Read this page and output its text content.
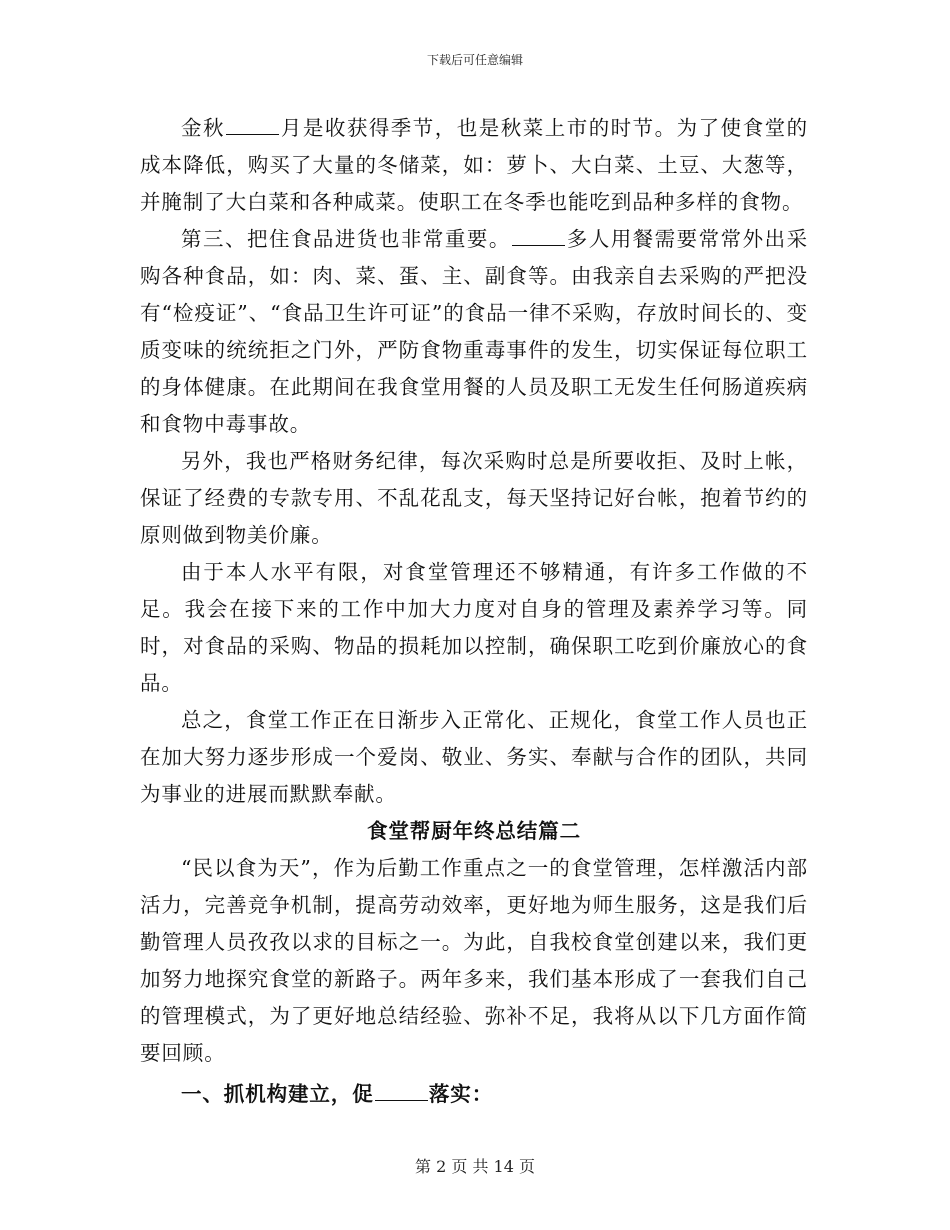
下载后可任意编辑

金秋	月是收获得季节，也是秋菜上市的时节。为了使食堂的成本降低，购买了大量的冬储菜，如：萝卜、大白菜、土豆、大葱等，并腌制了大白菜和各种咸菜。使职工在冬季也能吃到品种多样的食物。

第三、把住食品进货也非常重要。	多人用餐需要常常外出采购各种食品，如：肉、菜、蛋、主、副食等。由我亲自去采购的严把没有“检疫证”、“食品卫生许可证”的食品一律不采购，存放时间长的、变质变味的统统拒之门外，严防食物重毒事件的发生，切实保证每位职工的身体健康。在此期间在我食堂用餐的人员及职工无发生任何肠道疾病和食物中毒事故。

另外，我也严格财务纪律，每次采购时总是所要收拒、及时上帐，保证了经费的专款专用、不乱花乱支，每天坚持记好台帐，抱着节约的原则做到物美价廉。

由于本人水平有限，对食堂管理还不够精通，有许多工作做的不足。我会在接下来的工作中加大力度对自身的管理及素养学习等。同时，对食品的采购、物品的损耗加以控制，确保职工吃到价廉放心的食品。

总之，食堂工作正在日渐步入正常化、正规化，食堂工作人员也正在加大努力逐步形成一个爱岗、敬业、务实、奉献与合作的团队，共同为事业的进展而默默奉献。

食堂帮厨年终总结篇二

“民以食为天”，作为后勤工作重点之一的食堂管理，怎样激活内部活力，完善竞争机制，提高劳动效率，更好地为师生服务，这是我们后勤管理人员孜孜以求的目标之一。为此，自我校食堂创建以来，我们更加努力地探究食堂的新路子。两年多来，我们基本形成了一套我们自己的管理模式，为了更好地总结经验、弥补不足，我将从以下几方面作简要回顾。

一、抓机构建立，促	落实：

第 2 页 共 14 页
